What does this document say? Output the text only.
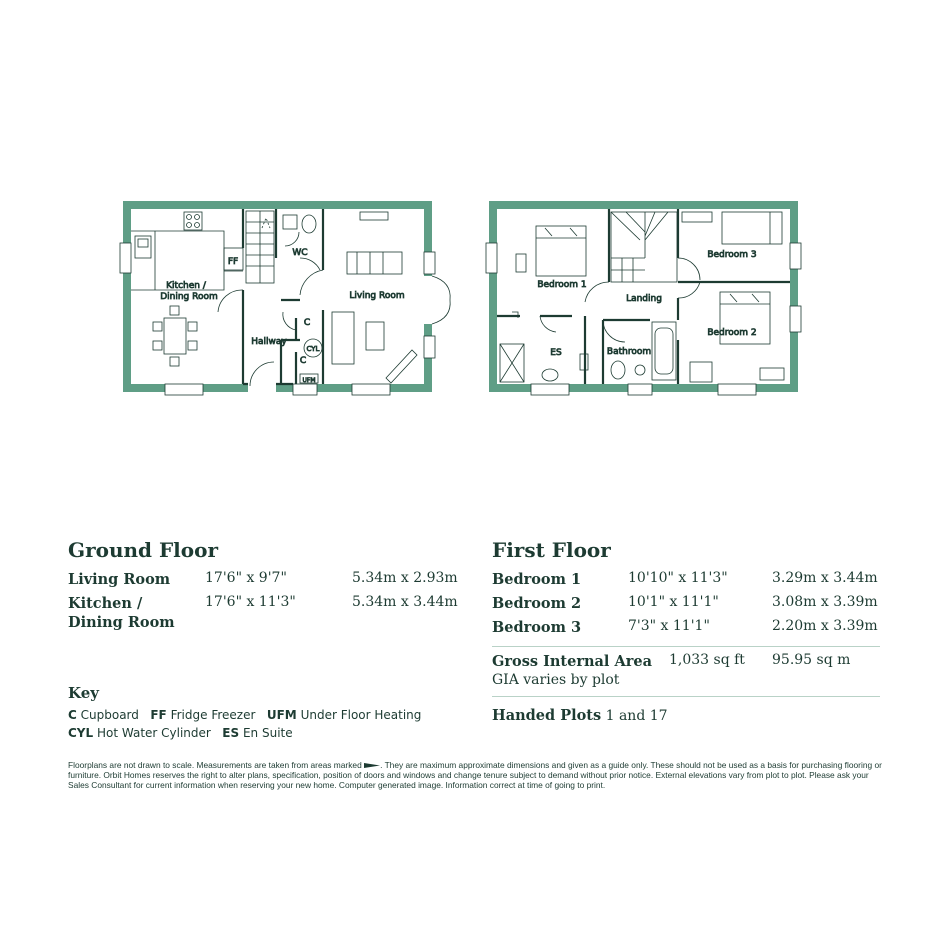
Kitchen /
Dining Room
FF
WC
Living Room
C
Hallway
CYL
C
UFM
Bedroom 1
Bedroom 3
Landing
Bedroom 2
ES	Bathroom
Ground Floor
Living Room 17'6" x 9'7"	5.34m x 2.93m
Kitchen /
Dining Room
17'6" x 11'3"	5.34m x 3.44m
Key
C Cupboard FF Fridge Freezer UFM Under Floor Heating
CYL Hot Water Cylinder ES En Suite
First Floor
Bedroom 1	10'10" x 11'3"	3.29m x 3.44m
Bedroom 2	10'1" x 11'1"	3.08m x 3.39m
Bedroom 3	7'3" x 11'1"	2.20m x 3.39m
Gross Internal Area 1,033 sq ft 95.95 sq m
GIA varies by plot
Handed Plots 1 and 17
Floorplans are not drawn to scale. Measurements are taken from areas marked . They are maximum approximate dimensions and given as a guide only. These should not be used as a basis for purchasing flooring or furniture. Orbit Homes reserves the right to alter plans, specification, position of doors and windows and change tenure subject to demand without prior notice. External elevations vary from plot to plot. Please ask your Sales Consultant for current information when reserving your new home. Computer generated image. Information correct at time of going to print.
